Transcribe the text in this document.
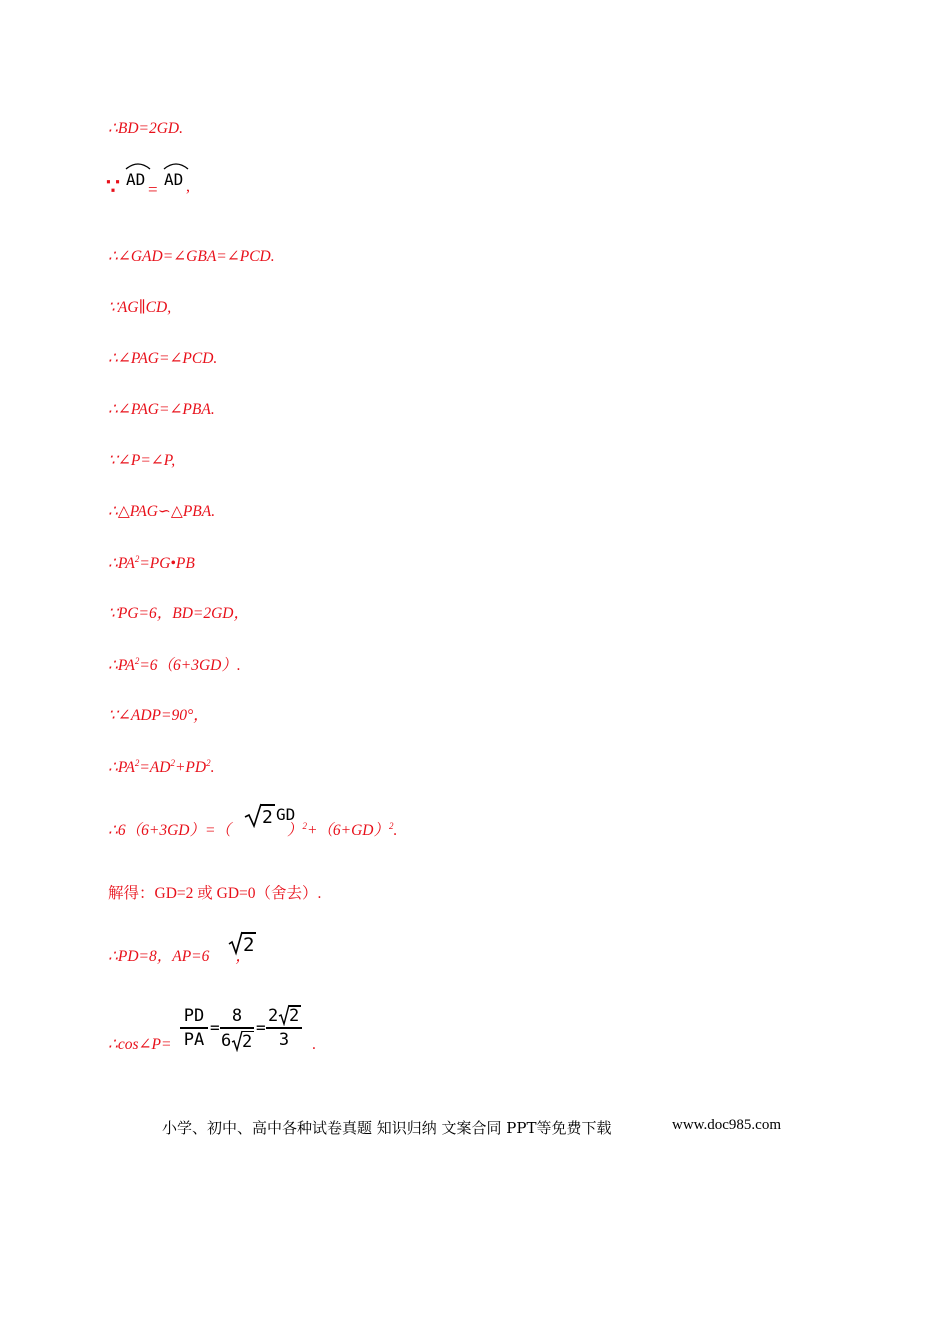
∴BD=2GD.
∵ AD
=
AD ,
∴∠GAD=∠GBA=∠PCD.
∵AG∥CD,
∴∠PAG=∠PCD.
∴∠PAG=∠PBA.
∵∠P=∠P,
∴△PAG∽△PBA.
$\therefore PA^2=PG•PB$
∵PG=6，BD=2GD，
$\therefore PA^2=6(6+3GD)$.
∵∠ADP=90°，
$\therefore PA^2=AD^2+PD^2$.
∴6（6+3GD）=（	）$^2+(6+GD)^2$.
2 GD
解得：GD=2 或 GD=0（舍去）.
∴PD=8，AP=6 ，
2
∴cos∠P=
PD
PA
=
8
6 2
=
2 2
3	.
小学、初中、高中各种试卷真题 知识归纳 文案合同 PPT等免费下载	www.doc985.com
